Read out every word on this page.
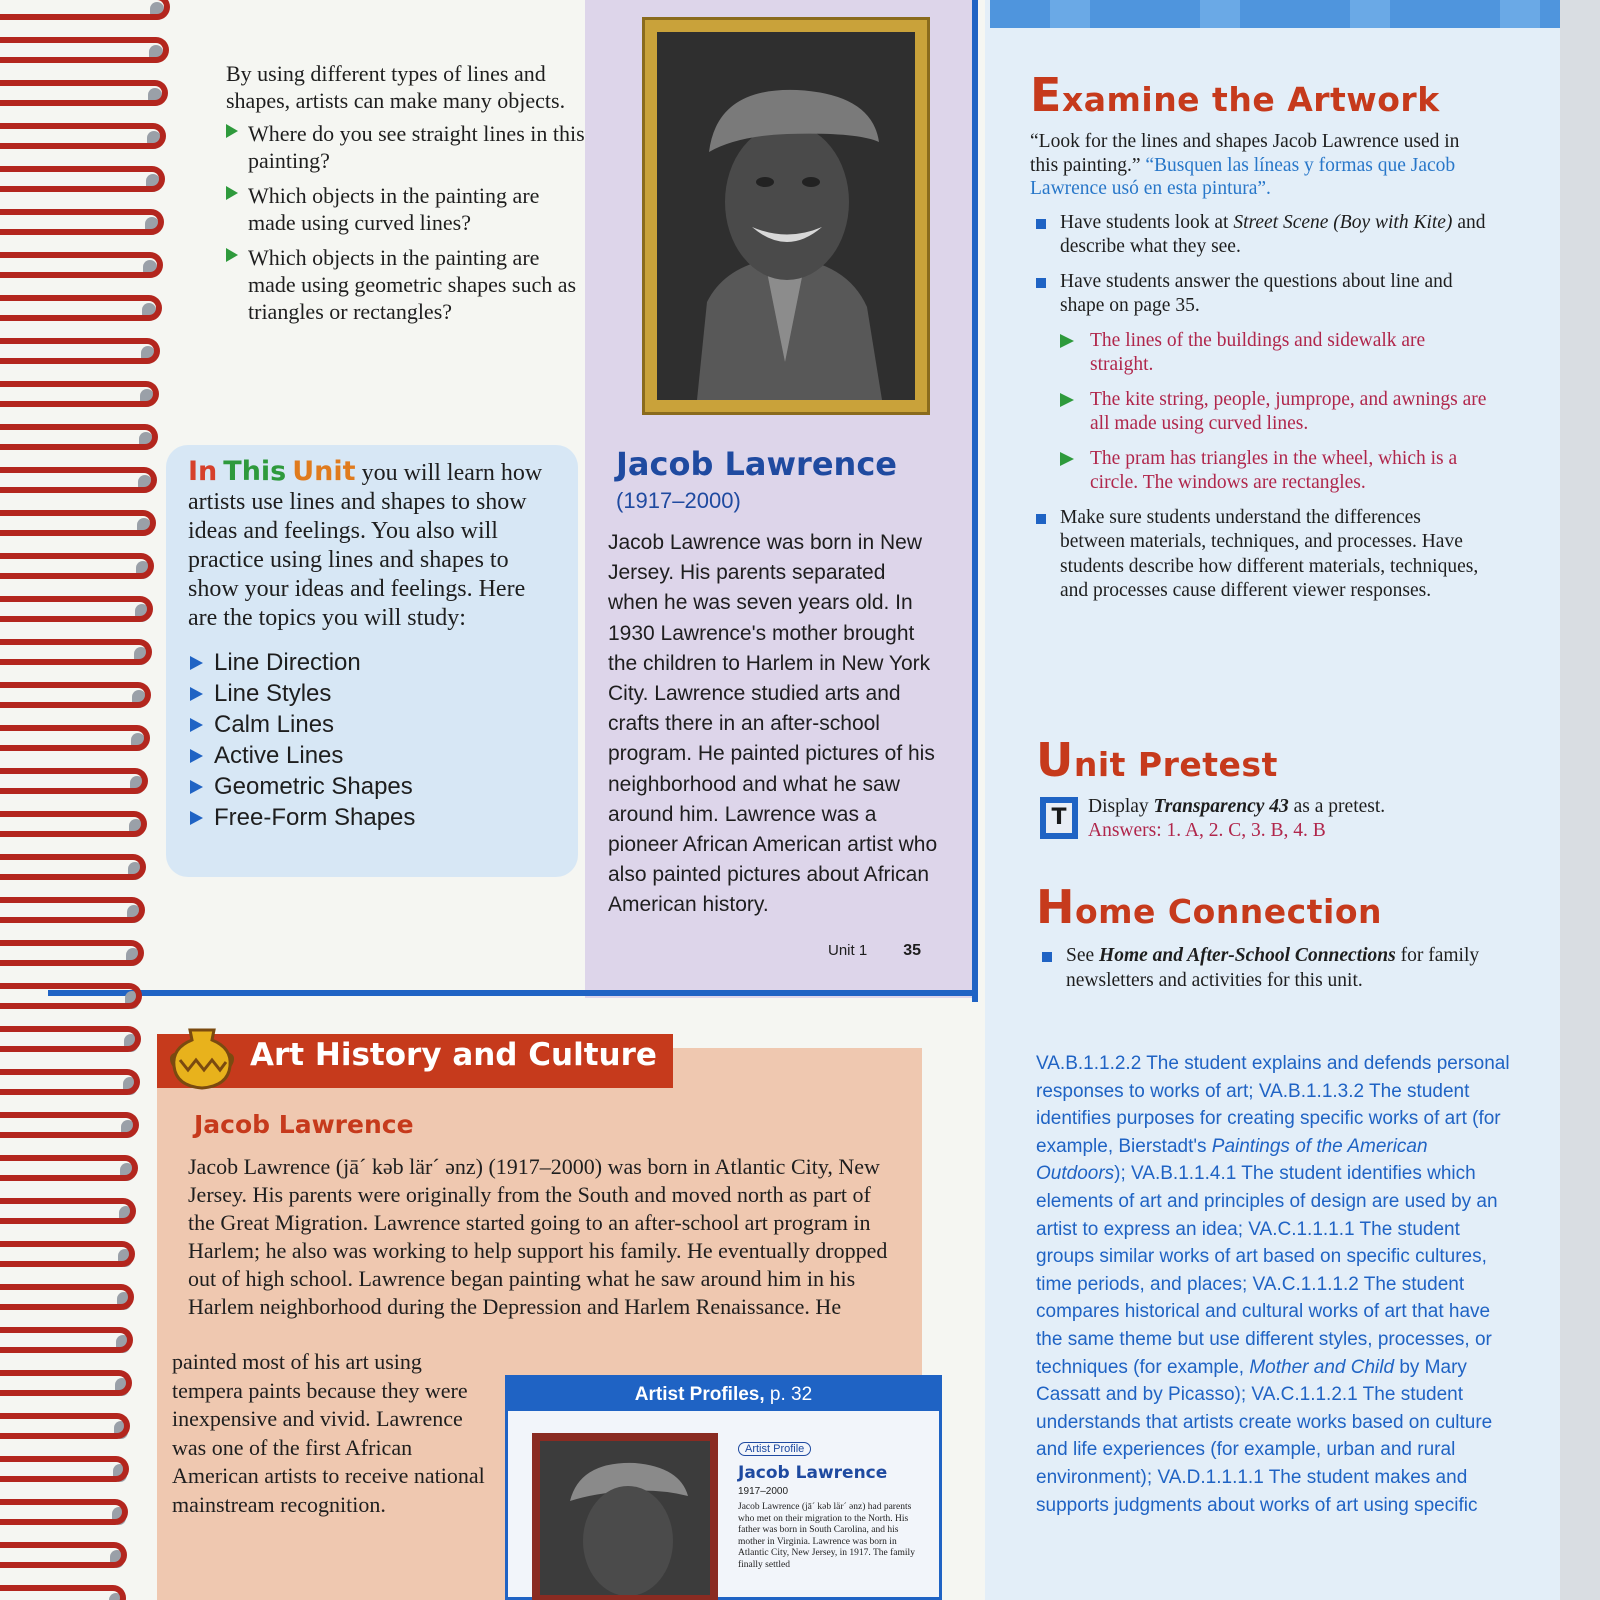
By using different types of lines and shapes, artists can make many objects.
Where do you see straight lines in this painting?
Which objects in the painting are made using curved lines?
Which objects in the painting are made using geometric shapes such as triangles or rectangles?
In This Unit you will learn how artists use lines and shapes to show ideas and feelings. You also will practice using lines and shapes to show your ideas and feelings. Here are the topics you will study:
Line Direction
Line Styles
Calm Lines
Active Lines
Geometric Shapes
Free-Form Shapes
Jacob Lawrence
(1917–2000)
Jacob Lawrence was born in New Jersey. His parents separated when he was seven years old. In 1930 Lawrence's mother brought the children to Harlem in New York City. Lawrence studied arts and crafts there in an after-school program. He painted pictures of his neighborhood and what he saw around him. Lawrence was a pioneer African American artist who also painted pictures about African American history.
Unit 1 35
Examine the Artwork
“Look for the lines and shapes Jacob Lawrence used in this painting.” “Busquen las líneas y formas que Jacob Lawrence usó en esta pintura”.
Have students look at Street Scene (Boy with Kite) and describe what they see.
Have students answer the questions about line and shape on page 35.
The lines of the buildings and sidewalk are straight.
The kite string, people, jumprope, and awnings are all made using curved lines.
The pram has triangles in the wheel, which is a circle. The windows are rectangles.
Make sure students understand the differences between materials, techniques, and processes. Have students describe how different materials, techniques, and processes cause different viewer responses.
Unit Pretest
T Display Transparency 43 as a pretest.
Answers: 1. A, 2. C, 3. B, 4. B
Home Connection
See Home and After-School Connections for family newsletters and activities for this unit.
VA.B.1.1.2.2 The student explains and defends personal responses to works of art; VA.B.1.1.3.2 The student identifies purposes for creating specific works of art (for example, Bierstadt's Paintings of the American Outdoors); VA.B.1.1.4.1 The student identifies which elements of art and principles of design are used by an artist to express an idea; VA.C.1.1.1.1 The student groups similar works of art based on specific cultures, time periods, and places; VA.C.1.1.1.2 The student compares historical and cultural works of art that have the same theme but use different styles, processes, or techniques (for example, Mother and Child by Mary Cassatt and by Picasso); VA.C.1.1.2.1 The student understands that artists create works based on culture and life experiences (for example, urban and rural environment); VA.D.1.1.1.1 The student makes and supports judgments about works of art using specific
Art History and Culture
Jacob Lawrence
Jacob Lawrence (jā´ kəb lär´ ənz) (1917–2000) was born in Atlantic City, New Jersey. His parents were originally from the South and moved north as part of the Great Migration. Lawrence started going to an after-school art program in Harlem; he also was working to help support his family. He eventually dropped out of high school. Lawrence began painting what he saw around him in his Harlem neighborhood during the Depression and Harlem Renaissance. He
painted most of his art using tempera paints because they were inexpensive and vivid. Lawrence was one of the first African American artists to receive national mainstream recognition.
Artist Profiles, p. 32
Artist Profile
Jacob Lawrence
1917–2000
Jacob Lawrence (jā´ kəb lär´ ənz) had parents who met on their migration to the North. His father was born in South Carolina, and his mother in Virginia. Lawrence was born in Atlantic City, New Jersey, in 1917. The family finally settled
